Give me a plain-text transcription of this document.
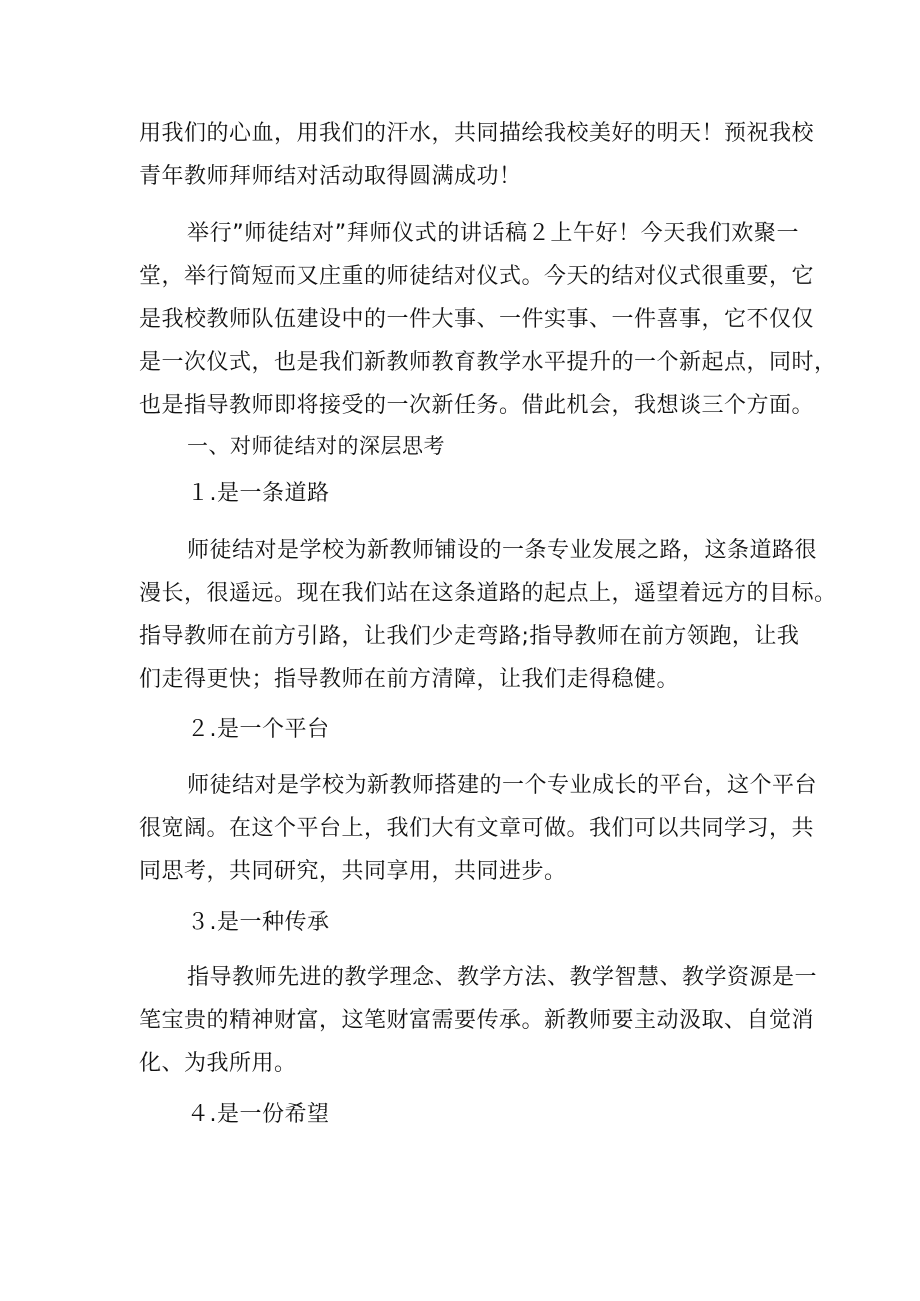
用我们的心血，用我们的汗水，共同描绘我校美好的明天！预祝我校
青年教师拜师结对活动取得圆满成功！
举行”师徒结对”拜师仪式的讲话稿２上午好！今天我们欢聚一
堂，举行简短而又庄重的师徒结对仪式。今天的结对仪式很重要，它
是我校教师队伍建设中的一件大事、一件实事、一件喜事，它不仅仅
是一次仪式，也是我们新教师教育教学水平提升的一个新起点，同时，
也是指导教师即将接受的一次新任务。借此机会，我想谈三个方面。
一、对师徒结对的深层思考
１.是一条道路
师徒结对是学校为新教师铺设的一条专业发展之路，这条道路很
漫长，很遥远。现在我们站在这条道路的起点上，遥望着远方的目标。
指导教师在前方引路，让我们少走弯路;指导教师在前方领跑，让我
们走得更快；指导教师在前方清障，让我们走得稳健。
２.是一个平台
师徒结对是学校为新教师搭建的一个专业成长的平台，这个平台
很宽阔。在这个平台上，我们大有文章可做。我们可以共同学习，共
同思考，共同研究，共同享用，共同进步。
３.是一种传承
指导教师先进的教学理念、教学方法、教学智慧、教学资源是一
笔宝贵的精神财富，这笔财富需要传承。新教师要主动汲取、自觉消
化、为我所用。
４.是一份希望
